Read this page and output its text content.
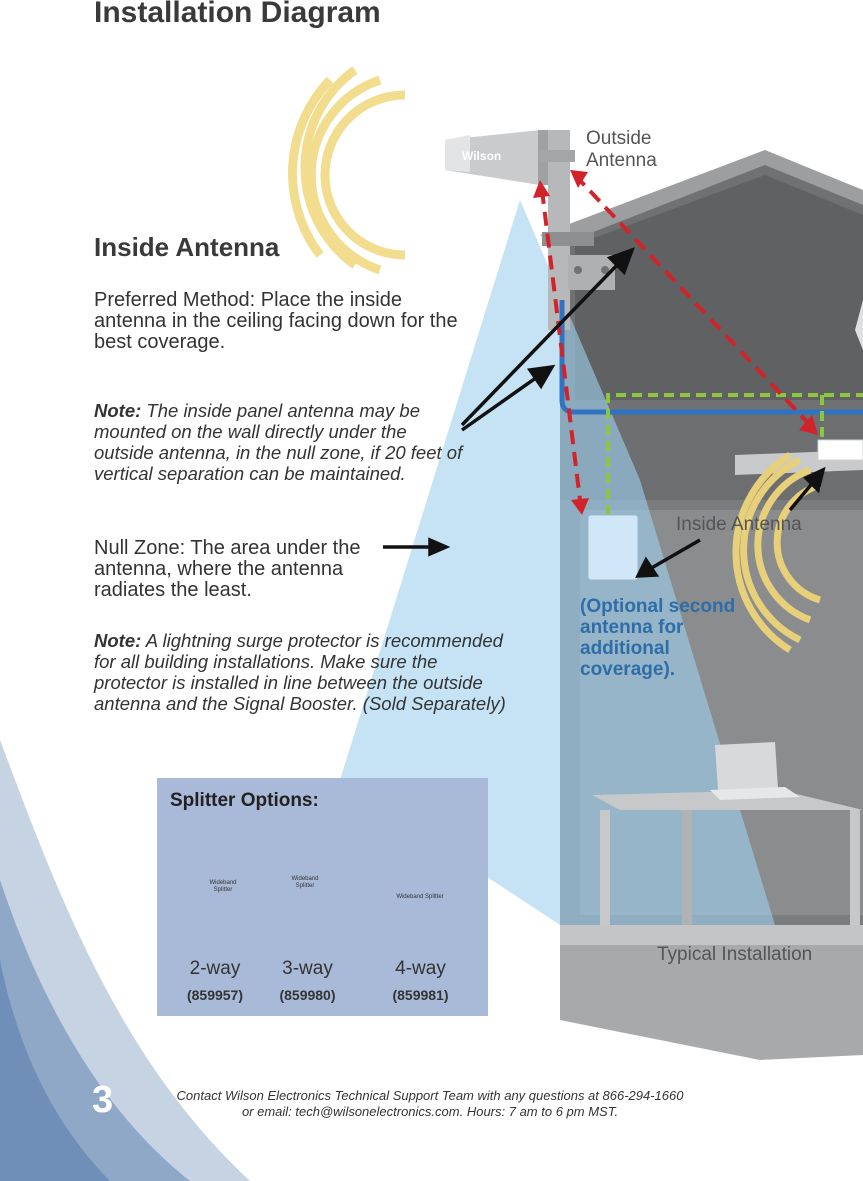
Wilson
Installation Diagram
Outside
Antenna
Inside Antenna
Preferred Method: Place the inside antenna in the ceiling facing down for the best coverage.
Note: The inside panel antenna may be mounted on the wall directly under the outside antenna, in the null zone, if 20 feet of vertical separation can be maintained.
Null Zone: The area under the antenna, where the antenna radiates the least.
Note: A lightning surge protector is recommended for all building installations. Make sure the protector is installed in line between the outside antenna and the Signal Booster. (Sold Separately)
Inside Antenna
(Optional second antenna for additional coverage).
Typical Installation
Splitter Options:
2-way
(859957)
3-way
(859980)
4-way
(859981)
Wideband Splitter
Wideband Splitter
Wideband Splitter
3	Contact Wilson Electronics Technical Support Team with any questions at 866-294-1660
or email: tech@wilsonelectronics.com. Hours: 7 am to 6 pm MST.
